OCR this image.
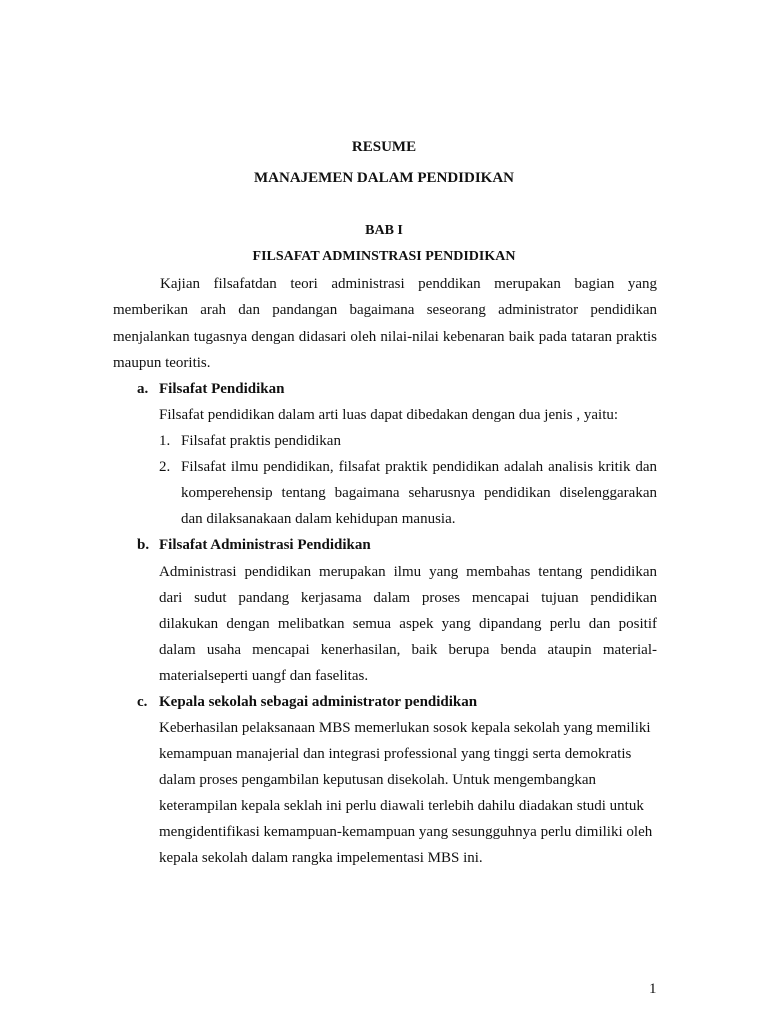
RESUME
MANAJEMEN DALAM PENDIDIKAN
BAB I
FILSAFAT ADMINSTRASI PENDIDIKAN
Kajian filsafatdan teori administrasi penddikan merupakan bagian yang
memberikan arah dan pandangan bagaimana seseorang administrator pendidikan
menjalankan tugasnya dengan didasari oleh nilai-nilai kebenaran baik pada tataran praktis
maupun teoritis.
a. Filsafat Pendidikan
Filsafat pendidikan dalam arti luas dapat dibedakan dengan dua jenis , yaitu:
1. Filsafat praktis pendidikan
2. Filsafat ilmu pendidikan, filsafat praktik pendidikan adalah analisis kritik dan
komperehensip tentang bagaimana seharusnya pendidikan diselenggarakan
dan dilaksanakaan dalam kehidupan manusia.
b. Filsafat Administrasi Pendidikan
Administrasi pendidikan merupakan ilmu yang membahas tentang pendidikan
dari sudut pandang kerjasama dalam proses mencapai tujuan pendidikan
dilakukan dengan melibatkan semua aspek yang dipandang perlu dan positif
dalam usaha mencapai kenerhasilan, baik berupa benda ataupin material-
materialseperti uangf dan faselitas.
c. Kepala sekolah sebagai administrator pendidikan
Keberhasilan pelaksanaan MBS memerlukan sosok kepala sekolah yang memiliki
kemampuan manajerial dan integrasi professional yang tinggi serta demokratis
dalam proses pengambilan keputusan disekolah. Untuk mengembangkan
keterampilan kepala seklah ini perlu diawali terlebih dahilu diadakan studi untuk
mengidentifikasi kemampuan-kemampuan yang sesungguhnya perlu dimiliki oleh
kepala sekolah dalam rangka impelementasi MBS ini.
1
